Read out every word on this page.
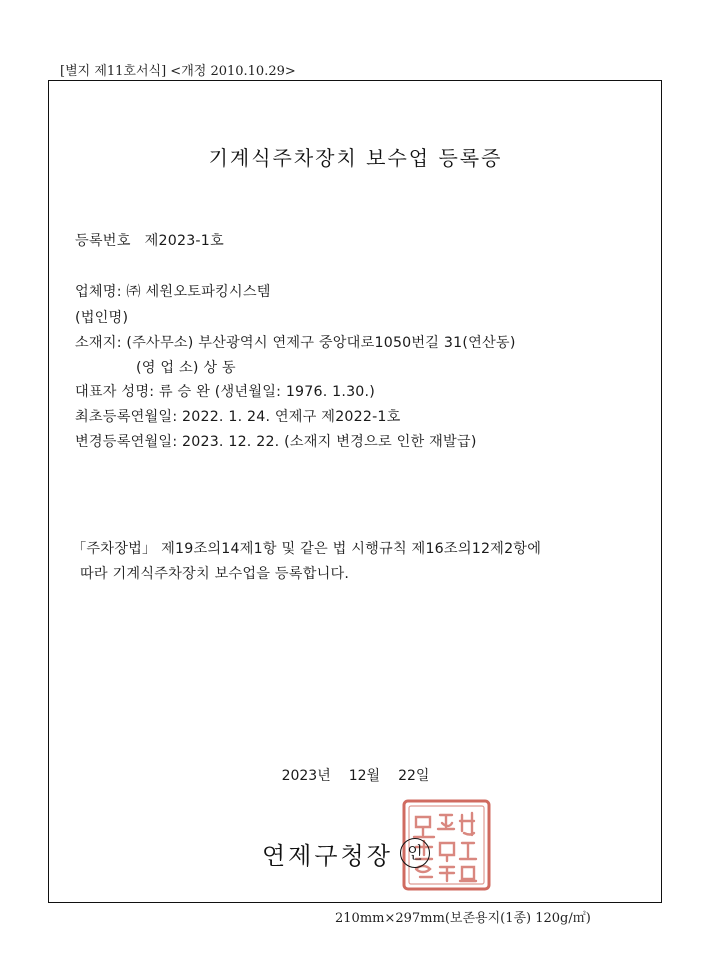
[별지 제11호서식] <개정 2010.10.29>
기계식주차장치 보수업 등록증
등록번호 제2023-1호
업체명: ㈜ 세원오토파킹시스템
(법인명)
소재지: (주사무소) 부산광역시 연제구 중앙대로1050번길 31(연산동)
(영 업 소) 상 동
대표자 성명: 류 승 완 (생년월일: 1976. 1.30.)
최초등록연월일: 2022. 1. 24. 연제구 제2022-1호
변경등록연월일: 2023. 12. 22. (소재지 변경으로 인한 재발급)
「주차장법」 제19조의14제1항 및 같은 법 시행규칙 제16조의12제2항에
따라 기계식주차장치 보수업을 등록합니다.
2023년 12월 22일
연제구청장 인
210mm×297mm(보존용지(1종) 120g/㎡)
